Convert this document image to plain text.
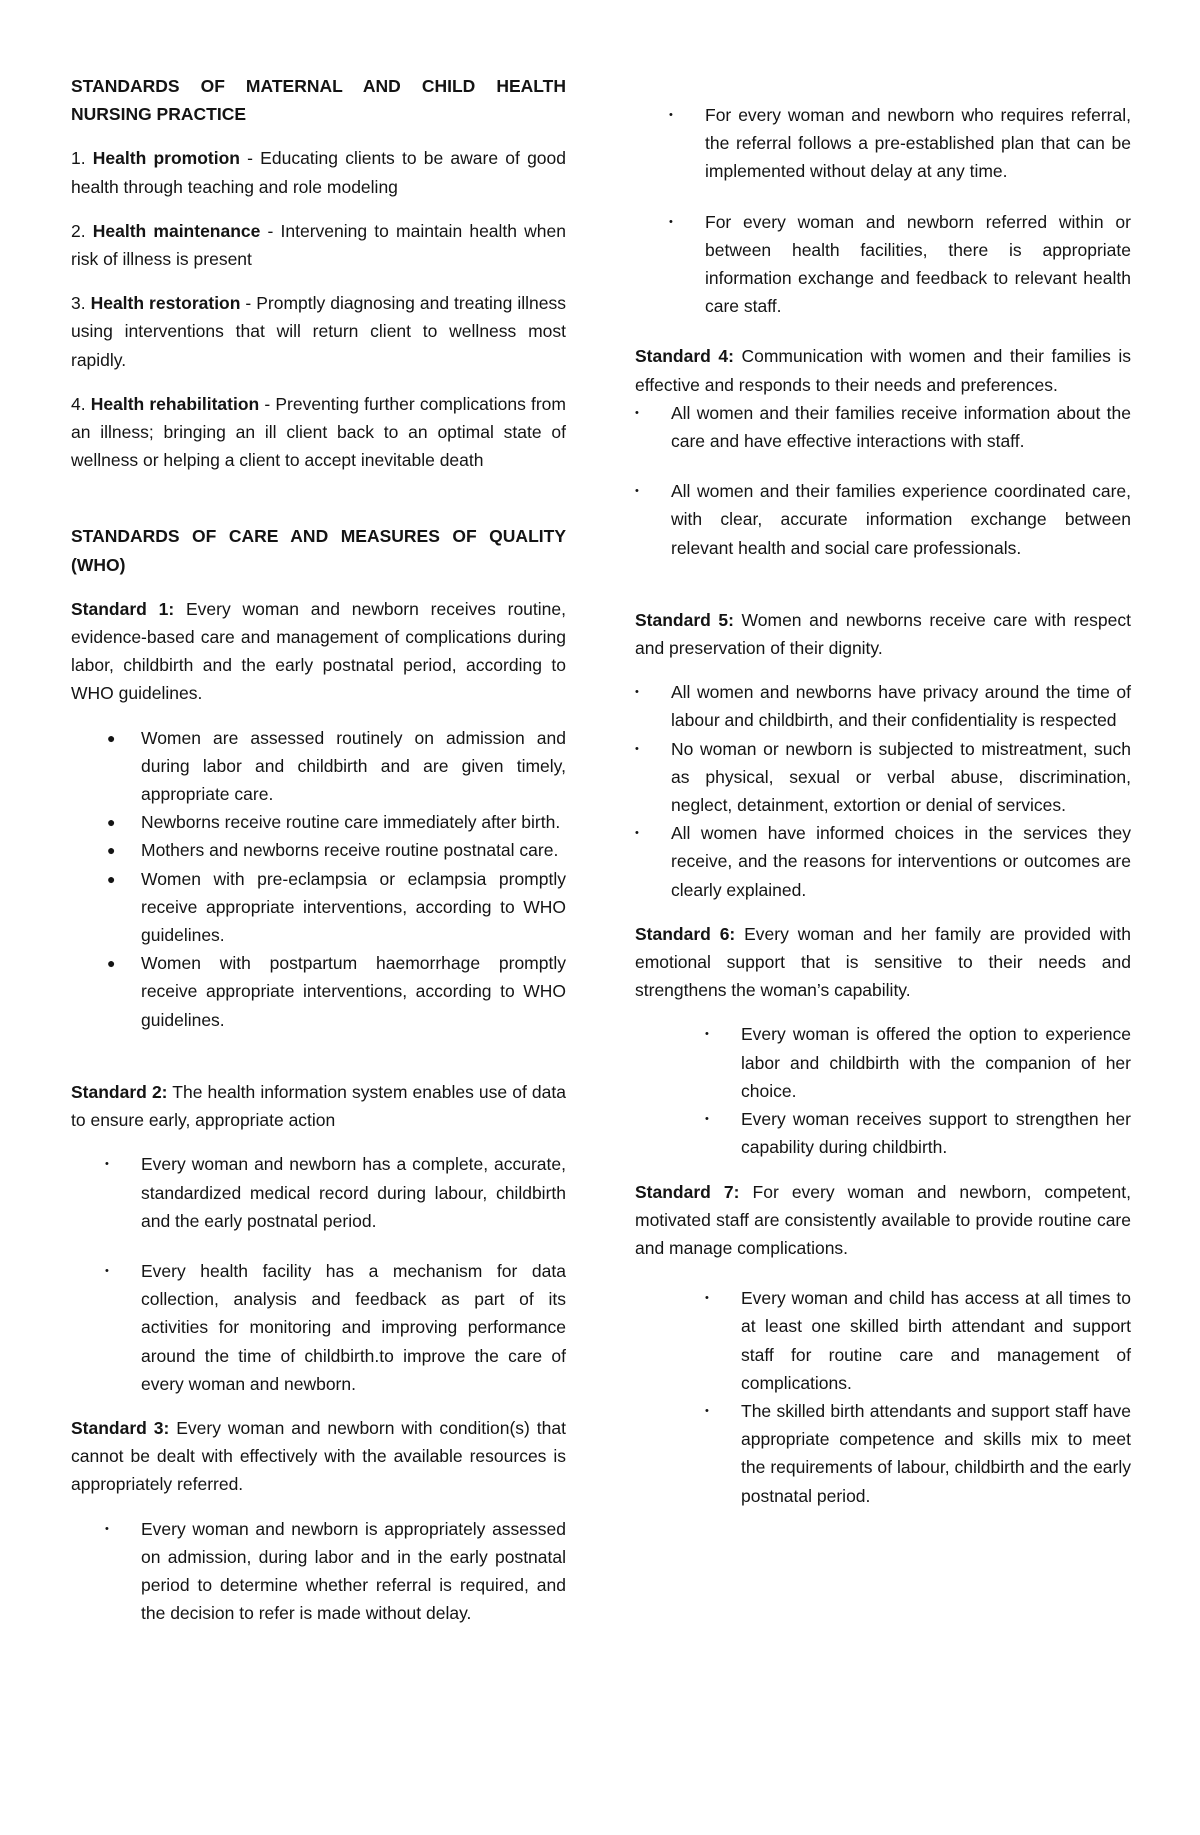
STANDARDS OF MATERNAL AND CHILD HEALTH NURSING PRACTICE

1. Health promotion - Educating clients to be aware of good health through teaching and role modeling

2. Health maintenance - Intervening to maintain health when risk of illness is present

3. Health restoration - Promptly diagnosing and treating illness using interventions that will return client to wellness most rapidly.

4. Health rehabilitation - Preventing further complications from an illness; bringing an ill client back to an optimal state of wellness or helping a client to accept inevitable death

STANDARDS OF CARE AND MEASURES OF QUALITY (WHO)

Standard 1: Every woman and newborn receives routine, evidence-based care and management of complications during labor, childbirth and the early postnatal period, according to WHO guidelines.

● Women are assessed routinely on admission and during labor and childbirth and are given timely, appropriate care.
● Newborns receive routine care immediately after birth.
● Mothers and newborns receive routine postnatal care.
● Women with pre-eclampsia or eclampsia promptly receive appropriate interventions, according to WHO guidelines.
● Women with postpartum haemorrhage promptly receive appropriate interventions, according to WHO guidelines.

Standard 2: The health information system enables use of data to ensure early, appropriate action

• Every woman and newborn has a complete, accurate, standardized medical record during labour, childbirth and the early postnatal period.
• Every health facility has a mechanism for data collection, analysis and feedback as part of its activities for monitoring and improving performance around the time of childbirth.to improve the care of every woman and newborn.

Standard 3: Every woman and newborn with condition(s) that cannot be dealt with effectively with the available resources is appropriately referred.

• Every woman and newborn is appropriately assessed on admission, during labor and in the early postnatal period to determine whether referral is required, and the decision to refer is made without delay.
• For every woman and newborn who requires referral, the referral follows a pre-established plan that can be implemented without delay at any time.
• For every woman and newborn referred within or between health facilities, there is appropriate information exchange and feedback to relevant health care staff.

Standard 4: Communication with women and their families is effective and responds to their needs and preferences.

• All women and their families receive information about the care and have effective interactions with staff.
• All women and their families experience coordinated care, with clear, accurate information exchange between relevant health and social care professionals.

Standard 5: Women and newborns receive care with respect and preservation of their dignity.

• All women and newborns have privacy around the time of labour and childbirth, and their confidentiality is respected
• No woman or newborn is subjected to mistreatment, such as physical, sexual or verbal abuse, discrimination, neglect, detainment, extortion or denial of services.
• All women have informed choices in the services they receive, and the reasons for interventions or outcomes are clearly explained.

Standard 6: Every woman and her family are provided with emotional support that is sensitive to their needs and strengthens the woman’s capability.

• Every woman is offered the option to experience labor and childbirth with the companion of her choice.
• Every woman receives support to strengthen her capability during childbirth.

Standard 7: For every woman and newborn, competent, motivated staff are consistently available to provide routine care and manage complications.

• Every woman and child has access at all times to at least one skilled birth attendant and support staff for routine care and management of complications.
• The skilled birth attendants and support staff have appropriate competence and skills mix to meet the requirements of labour, childbirth and the early postnatal period.
